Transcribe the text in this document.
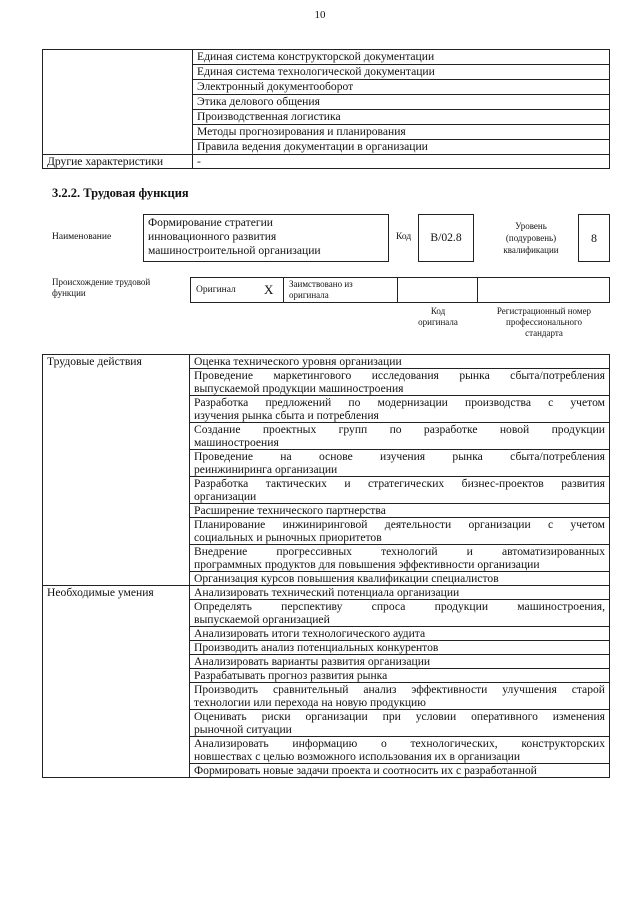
10
	Единая система конструкторской документации
	Единая система технологической документации
	Электронный документооборот
	Этика делового общения
	Производственная логистика
	Методы прогнозирования и планирования
	Правила ведения документации в организации
Другие характеристики	-
3.2.2. Трудовая функция
Наименование
Формирование стратегии
инновационного развития
машиностроительной организации
Код	B/02.8
Уровень
(подуровень)
квалификации
8
Происхождение трудовой
функции	Оригинал X Заимствовано из
оригинала
Код
оригинала
Регистрационный номер
профессионального
стандарта
Трудовые действия	Оценка технического уровня организации

	Проведение маркетингового исследования рынка сбыта/потребления
выпускаемой продукции машиностроения

	Разработка предложений по модернизации производства с учетом
изучения рынка сбыта и потребления

	Создание проектных групп по разработке новой продукции
машиностроения

	Проведение на основе изучения рынка сбыта/потребления
реинжиниринга организации

	Разработка тактических и стратегических бизнес-проектов развития
организации

	Расширение технического партнерства

	Планирование инжиниринговой деятельности организации с учетом
социальных и рыночных приоритетов

	Внедрение прогрессивных технологий и автоматизированных
программных продуктов для повышения эффективности организации

	Организация курсов повышения квалификации специалистов

Необходимые умения	Анализировать технический потенциала организации

	Определять перспективу спроса продукции машиностроения,
выпускаемой организацией

	Анализировать итоги технологического аудита

	Производить анализ потенциальных конкурентов

	Анализировать варианты развития организации

	Разрабатывать прогноз развития рынка

	Производить сравнительный анализ эффективности улучшения старой
технологии или перехода на новую продукцию

	Оценивать риски организации при условии оперативного изменения
рыночной ситуации

	Анализировать информацию о технологических, конструкторских
новшествах с целью возможного использования их в организации

	Формировать новые задачи проекта и соотносить их с разработанной
